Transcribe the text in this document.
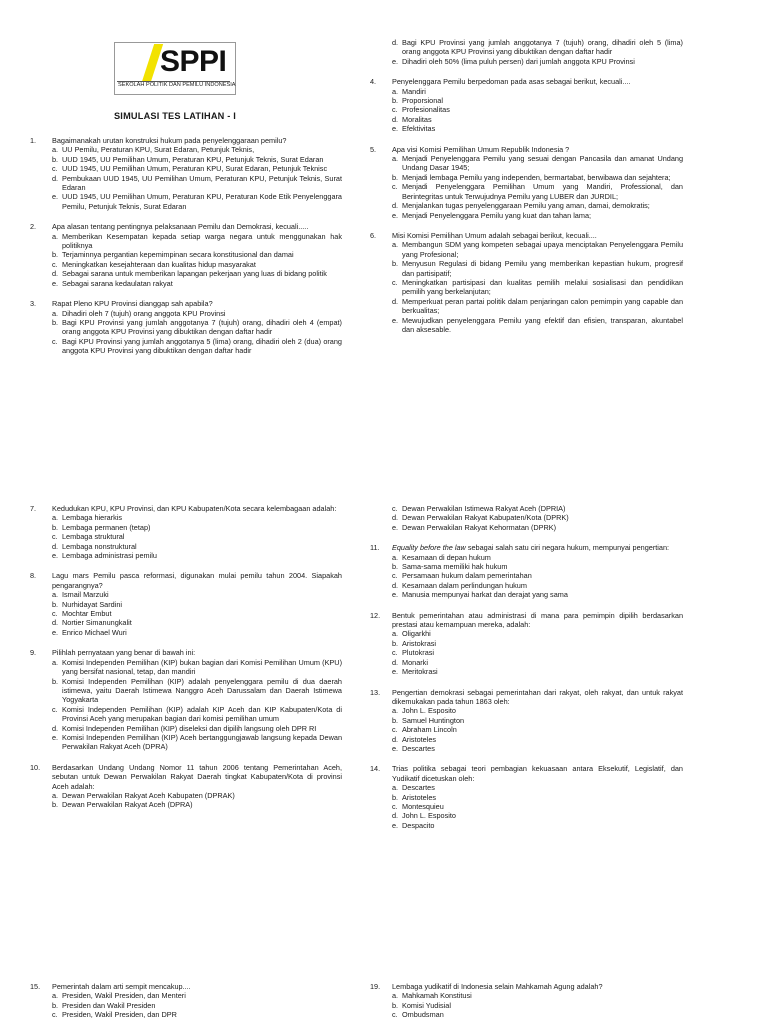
SPPI
SEKOLAH POLITIK DAN PEMILU INDONESIA
SIMULASI TES LATIHAN - I
1. Bagaimanakah urutan konstruksi hukum pada penyelenggaraan pemilu?
a. UU Pemilu, Peraturan KPU, Surat Edaran, Petunjuk Teknis,
b. UUD 1945, UU Pemilihan Umum, Peraturan KPU, Petunjuk Teknis, Surat Edaran
c. UUD 1945, UU Pemilihan Umum, Peraturan KPU, Surat Edaran, Petunjuk Teknisc
d. Pembukaan UUD 1945, UU Pemilihan Umum, Peraturan KPU, Petunjuk Teknis, Surat Edaran
e. UUD 1945, UU Pemilihan Umum, Peraturan KPU, Peraturan Kode Etik Penyelenggara Pemilu, Petunjuk Teknis, Surat Edaran
2. Apa alasan tentang pentingnya pelaksanaan Pemilu dan Demokrasi, kecuali.....
a. Memberikan Kesempatan kepada setiap warga negara untuk menggunakan hak politiknya
b. Terjaminnya pergantian kepemimpinan secara konstitusional dan damai
c. Meningkatkan kesejahteraan dan kualitas hidup masyarakat
d. Sebagai sarana untuk memberikan lapangan pekerjaan yang luas di bidang politik
e. Sebagai sarana kedaulatan rakyat
3. Rapat Pleno KPU Provinsi dianggap sah apabila?
a. Dihadiri oleh 7 (tujuh) orang anggota KPU Provinsi
b. Bagi KPU Provinsi yang jumlah anggotanya 7 (tujuh) orang, dihadiri oleh 4 (empat) orang anggota KPU Provinsi yang dibuktikan dengan daftar hadir
c. Bagi KPU Provinsi yang jumlah anggotanya 5 (lima) orang, dihadiri oleh 2 (dua) orang anggota KPU Provinsi yang dibuktikan dengan daftar hadir
d. Bagi KPU Provinsi yang jumlah anggotanya 7 (tujuh) orang, dihadiri oleh 5 (lima) orang anggota KPU Provinsi yang dibuktikan dengan daftar hadir
e. Dihadiri oleh 50% (lima puluh persen) dari jumlah anggota KPU Provinsi
4. Penyelenggara Pemilu berpedoman pada asas sebagai berikut, kecuali....
a. Mandiri
b. Proporsional
c. Profesionalitas
d. Moralitas
e. Efektivitas
5. Apa visi Komisi Pemilihan Umum Republik Indonesia ?
a. Menjadi Penyelenggara Pemilu yang sesuai dengan Pancasila dan amanat Undang Undang Dasar 1945;
b. Menjadi lembaga Pemilu yang independen, bermartabat, berwibawa dan sejahtera;
c. Menjadi Penyelenggara Pemilihan Umum yang Mandiri, Professional, dan Berintegritas untuk Terwujudnya Pemilu yang LUBER dan JURDIL;
d. Menjalankan tugas penyelenggaraan Pemilu yang aman, damai, demokratis;
e. Menjadi Penyelenggara Pemilu yang kuat dan tahan lama;
6. Misi Komisi Pemilihan Umum adalah sebagai berikut, kecuali....
a. Membangun SDM yang kompeten sebagai upaya menciptakan Penyelenggara Pemilu yang Profesional;
b. Menyusun Regulasi di bidang Pemilu yang memberikan kepastian hukum, progresif dan partisipatif;
c. Meningkatkan partisipasi dan kualitas pemilih melalui sosialisasi dan pendidikan pemilih yang berkelanjutan;
d. Memperkuat peran partai politik dalam penjaringan calon pemimpin yang capable dan berkualitas;
e. Mewujudkan penyelenggara Pemilu yang efektif dan efisien, transparan, akuntabel dan aksesable.
7. Kedudukan KPU, KPU Provinsi, dan KPU Kabupaten/Kota secara kelembagaan adalah:
a. Lembaga hierarkis
b. Lembaga permanen (tetap)
c. Lembaga struktural
d. Lembaga nonstruktural
e. Lembaga administrasi pemilu
8. Lagu mars Pemilu pasca reformasi, digunakan mulai pemilu tahun 2004. Siapakah pengarangnya?
a. Ismail Marzuki
b. Nurhidayat Sardini
c. Mochtar Embut
d. Nortier Simanungkalit
e. Enrico Michael Wuri
9. Pilihlah pernyataan yang benar di bawah ini:
a. Komisi Independen Pemilihan (KIP) bukan bagian dari Komisi Pemilihan Umum (KPU) yang bersifat nasional, tetap, dan mandiri
b. Komisi Independen Pemilihan (KIP) adalah penyelenggara pemilu di dua daerah istimewa, yaitu Daerah Istimewa Nanggro Aceh Darussalam dan Daerah Istimewa Yogyakarta
c. Komisi Independen Pemilihan (KIP) adalah KIP Aceh dan KIP Kabupaten/Kota di Provinsi Aceh yang merupakan bagian dari komisi pemilihan umum
d. Komisi Independen Pemilihan (KIP) diseleksi dan dipilih langsung oleh DPR RI
e. Komisi Independen Pemilihan (KIP) Aceh bertanggungjawab langsung kepada Dewan Perwakilan Rakyat Aceh (DPRA)
10. Berdasarkan Undang Undang Nomor 11 tahun 2006 tentang Pemerintahan Aceh, sebutan untuk Dewan Perwakilan Rakyat Daerah tingkat Kabupaten/Kota di provinsi Aceh adalah:
a. Dewan Perwakilan Rakyat Aceh Kabupaten (DPRAK)
b. Dewan Perwakilan Rakyat Aceh (DPRA)
c. Dewan Perwakilan Istimewa Rakyat Aceh (DPRIA)
d. Dewan Perwakilan Rakyat Kabupaten/Kota (DPRK)
e. Dewan Perwakilan Rakyat Kehormatan (DPRK)
11. Equality before the law sebagai salah satu ciri negara hukum, mempunyai pengertian:
a. Kesamaan di depan hukum
b. Sama-sama memiliki hak hukum
c. Persamaan hukum dalam pemerintahan
d. Kesamaan dalam perlindungan hukum
e. Manusia mempunyai harkat dan derajat yang sama
12. Bentuk pemerintahan atau administrasi di mana para pemimpin dipilih berdasarkan prestasi atau kemampuan mereka, adalah:
a. Oligarkhi
b. Aristokrasi
c. Plutokrasi
d. Monarki
e. Meritokrasi
13. Pengertian demokrasi sebagai pemerintahan dari rakyat, oleh rakyat, dan untuk rakyat dikemukakan pada tahun 1863 oleh:
a. John L. Esposito
b. Samuel Huntington
c. Abraham Lincoln
d. Aristoteles
e. Descartes
14. Trias politika sebagai teori pembagian kekuasaan antara Eksekutif, Legislatif, dan Yudikatif dicetuskan oleh:
a. Descartes
b. Aristoteles
c. Montesquieu
d. John L. Esposito
e. Despacito
15. Pemerintah dalam arti sempit mencakup....
a. Presiden, Wakil Presiden, dan Menteri
b. Presiden dan Wakil Presiden
c. Presiden, Wakil Presiden, dan DPR
19. Lembaga yudikatif di Indonesia selain Mahkamah Agung adalah?
a. Mahkamah Konstitusi
b. Komisi Yudisial
c. Ombudsman
